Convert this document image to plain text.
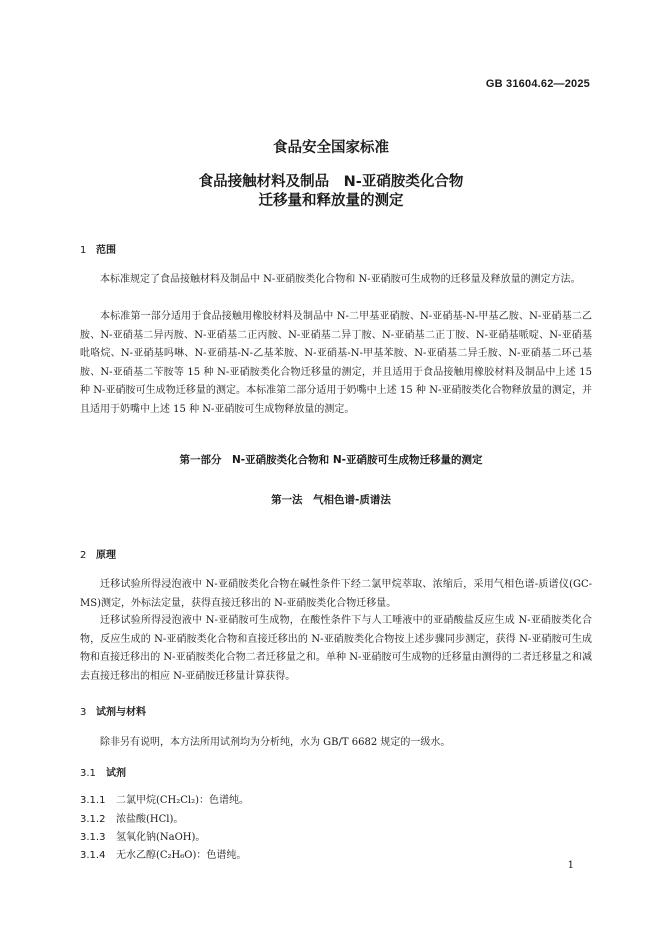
GB 31604.62—2025
食品安全国家标准
食品接触材料及制品　N-亚硝胺类化合物
迁移量和释放量的测定
1 范围
本标准规定了食品接触材料及制品中 N-亚硝胺类化合物和 N-亚硝胺可生成物的迁移量及释放量的测定方法。
本标准第一部分适用于食品接触用橡胶材料及制品中 N-二甲基亚硝胺、N-亚硝基-N-甲基乙胺、N-亚硝基二乙胺、N-亚硝基二异丙胺、N-亚硝基二正丙胺、N-亚硝基二异丁胺、N-亚硝基二正丁胺、N-亚硝基哌啶、N-亚硝基吡咯烷、N-亚硝基吗啉、N-亚硝基-N-乙基苯胺、N-亚硝基-N-甲基苯胺、N-亚硝基二异壬胺、N-亚硝基二环己基胺、N-亚硝基二苄胺等 15 种 N-亚硝胺类化合物迁移量的测定，并且适用于食品接触用橡胶材料及制品中上述 15 种 N-亚硝胺可生成物迁移量的测定。本标准第二部分适用于奶嘴中上述 15 种 N-亚硝胺类化合物释放量的测定，并且适用于奶嘴中上述 15 种 N-亚硝胺可生成物释放量的测定。
第一部分　N-亚硝胺类化合物和 N-亚硝胺可生成物迁移量的测定
第一法　气相色谱-质谱法
2 原理
迁移试验所得浸泡液中 N-亚硝胺类化合物在碱性条件下经二氯甲烷萃取、浓缩后，采用气相色谱-质谱仪(GC-MS)测定，外标法定量，获得直接迁移出的 N-亚硝胺类化合物迁移量。
迁移试验所得浸泡液中 N-亚硝胺可生成物，在酸性条件下与人工唾液中的亚硝酸盐反应生成 N-亚硝胺类化合物，反应生成的 N-亚硝胺类化合物和直接迁移出的 N-亚硝胺类化合物按上述步骤同步测定，获得 N-亚硝胺可生成物和直接迁移出的 N-亚硝胺类化合物二者迁移量之和。单种 N-亚硝胺可生成物的迁移量由测得的二者迁移量之和减去直接迁移出的相应 N-亚硝胺迁移量计算获得。
3 试剂与材料
除非另有说明，本方法所用试剂均为分析纯，水为 GB/T 6682 规定的一级水。
3.1 试剂
3.1.1 二氯甲烷(CH₂Cl₂)：色谱纯。
3.1.2 浓盐酸(HCl)。
3.1.3 氢氧化钠(NaOH)。
3.1.4 无水乙醇(C₂H₆O)：色谱纯。
1
